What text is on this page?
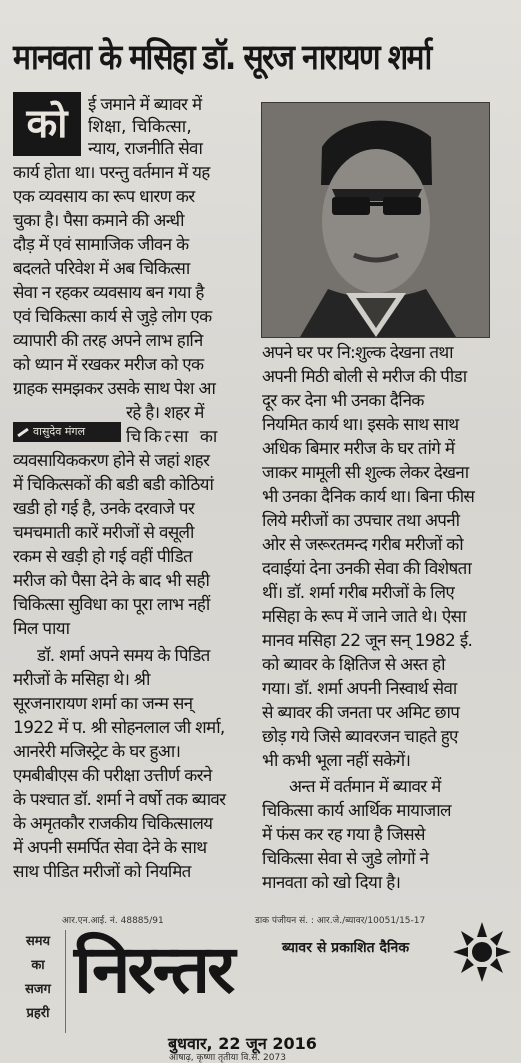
मानवता के मसिहा डॉ. सूरज नारायण शर्मा
को	ई जमाने में ब्यावर में
शिक्षा, चिकित्सा,
न्याय, राजनीति सेवा
कार्य होता था। परन्तु वर्तमान में यह
एक व्यवसाय का रूप धारण कर
चुका है। पैसा कमाने की अन्धी
दौड़ में एवं सामाजिक जीवन के
बदलते परिवेश में अब चिकित्सा
सेवा न रहकर व्यवसाय बन गया है
एवं चिकित्सा कार्य से जुड़े लोग एक
व्यापारी की तरह अपने लाभ हानि
को ध्यान में रखकर मरीज को एक
ग्राहक समझकर उसके साथ पेश आ
रहे है। शहर में
चिकित्सा का
व्यवसायिककरण होने से जहां शहर
में चिकित्सकों की बडी बडी कोठियां
खडी हो गई है, उनके दरवाजे पर
चमचमाती कारें मरीजों से वसूली
रकम से खड़ी हो गई वहीं पीडित
मरीज को पैसा देने के बाद भी सही
चिकित्सा सुविधा का पूरा लाभ नहीं
मिल पाया
डॉ. शर्मा अपने समय के पिडित
मरीजों के मसिहा थे। श्री
सूरजनारायण शर्मा का जन्म सन्
1922 में प. श्री सोहनलाल जी शर्मा,
आनरेरी मजिस्ट्रेट के घर हुआ।
एमबीबीएस की परीक्षा उत्तीर्ण करने
के पश्चात डॉ. शर्मा ने वर्षो तक ब्यावर
के अमृतकौर राजकीय चिकित्सालय
में अपनी समर्पित सेवा देने के साथ
साथ पीडित मरीजों को नियमित
वासुदेव मंगल
अपने घर पर नि:शुल्क देखना तथा
अपनी मिठी बोली से मरीज की पीडा
दूर कर देना भी उनका दैनिक
नियमित कार्य था। इसके साथ साथ
अधिक बिमार मरीज के घर तांगे में
जाकर मामूली सी शुल्क लेकर देखना
भी उनका दैनिक कार्य था। बिना फीस
लिये मरीजों का उपचार तथा अपनी
ओर से जरूरतमन्द गरीब मरीजों को
दवाईयां देना उनकी सेवा की विशेषता
थीं। डॉ. शर्मा गरीब मरीजों के लिए
मसिहा के रूप में जाने जाते थे। ऐसा
मानव मसिहा 22 जून सन् 1982 ई.
को ब्यावर के क्षितिज से अस्त हो
गया। डॉ. शर्मा अपनी निस्वार्थ सेवा
से ब्यावर की जनता पर अमिट छाप
छोड़ गये जिसे ब्यावरजन चाहते हुए
भी कभी भूला नहीं सकेगें।
अन्त में वर्तमान में ब्यावर में
चिकित्सा कार्य आर्थिक मायाजाल
में फंस कर रह गया है जिससे
चिकित्सा सेवा से जुडे लोगों ने
मानवता को खो दिया है।
आर.एन.आई. नं. 48885/91	डाक पंजीयन सं. : आर.जे./ब्यावर/10051/15-17
ब्यावर से प्रकाशित दैनिक
समय
का
सजग
प्रहरी
निरन्तर
बुधवार, 22 जून 2016
आषाढ़, कृष्णा तृतीया वि.सं. 2073
